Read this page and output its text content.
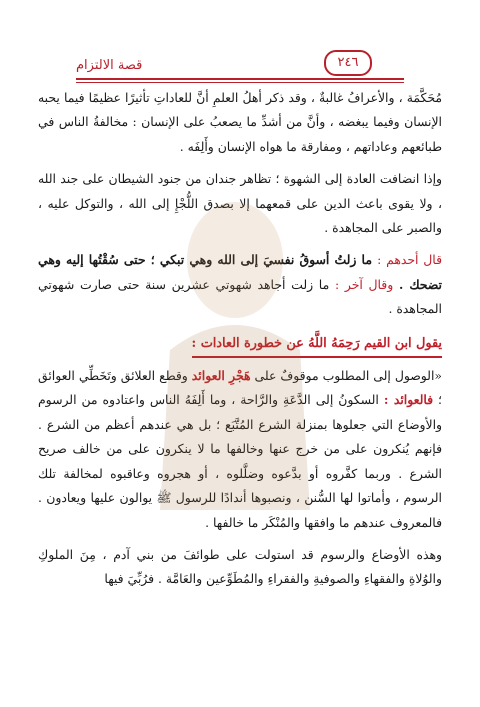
قصة الالتزام	٢٤٦

مُحَكَّمَة ، والأعرافُ غالبةٌ ، وقد ذكر أهلُ العلمِ أنَّ للعاداتِ تأثيرًا عظيمًا فيما يحبه الإنسان وفيما يبغضه ، وأنَّ من أشدِّ ما يصعبُ على الإنسان : مخالفةُ الناس في طبائعهم وعاداتهم ، ومفارقة ما هواه الإنسان وأَلِفَه .

وإذا انضافت العادة إلى الشهوة ؛ تظاهر جندان من جنود الشيطان على جند الله ، ولا يقوى باعث الدين على قمعهما إلا بصدق اللُّجْإِ إلى الله ، والتوكل عليه ، والصبر على المجاهدة .

قال أحدهم : ما زلتُ أسوقُ نفسيَ إلى الله وهي تبكي ؛ حتى سُقْتُها إليه وهي تضحك . وقال آخر : ما زلت أجاهد شهوتي عشرين سنة حتى صارت شهوتي المجاهدة .

يقول ابن القيم رَحِمَهُ اللَّهُ عن خطورة العادات :

«الوصول إلى المطلوب موقوفٌ على هَجْرِ العوائد وقطع العلائق وتَخَطِّي العوائق ؛ فالعوائد : السكونُ إلى الدَّعَةِ والرَّاحة ، وما أَلِفَهُ الناس واعتادوه من الرسوم والأوضاع التي جعلوها بمنزلة الشرع المُتَّبَع ؛ بل هي عندهم أعظم من الشرع . فإنهم يُنكرون على من خرج عنها وخالفها ما لا ينكرون على من خالف صريح الشرع . وربما كفَّروه أو بدَّعوه وضلَّلوه ، أو هجروه وعاقبوه لمخالفة تلك الرسوم ، وأماتوا لها السُّنن ، ونصبوها أندادًا للرسول ﷺ يوالون عليها ويعادون . فالمعروف عندهم ما وافقها والمُنْكَر ما خالفها .

وهذه الأوضاع والرسوم قد استولت على طوائفَ من بني آدم ، مِنَ الملوكِ والوُلاةِ والفقهاءِ والصوفيةِ والفقراءِ والمُطَوِّعين والعَامَّة . فرُبِّيَ فيها
